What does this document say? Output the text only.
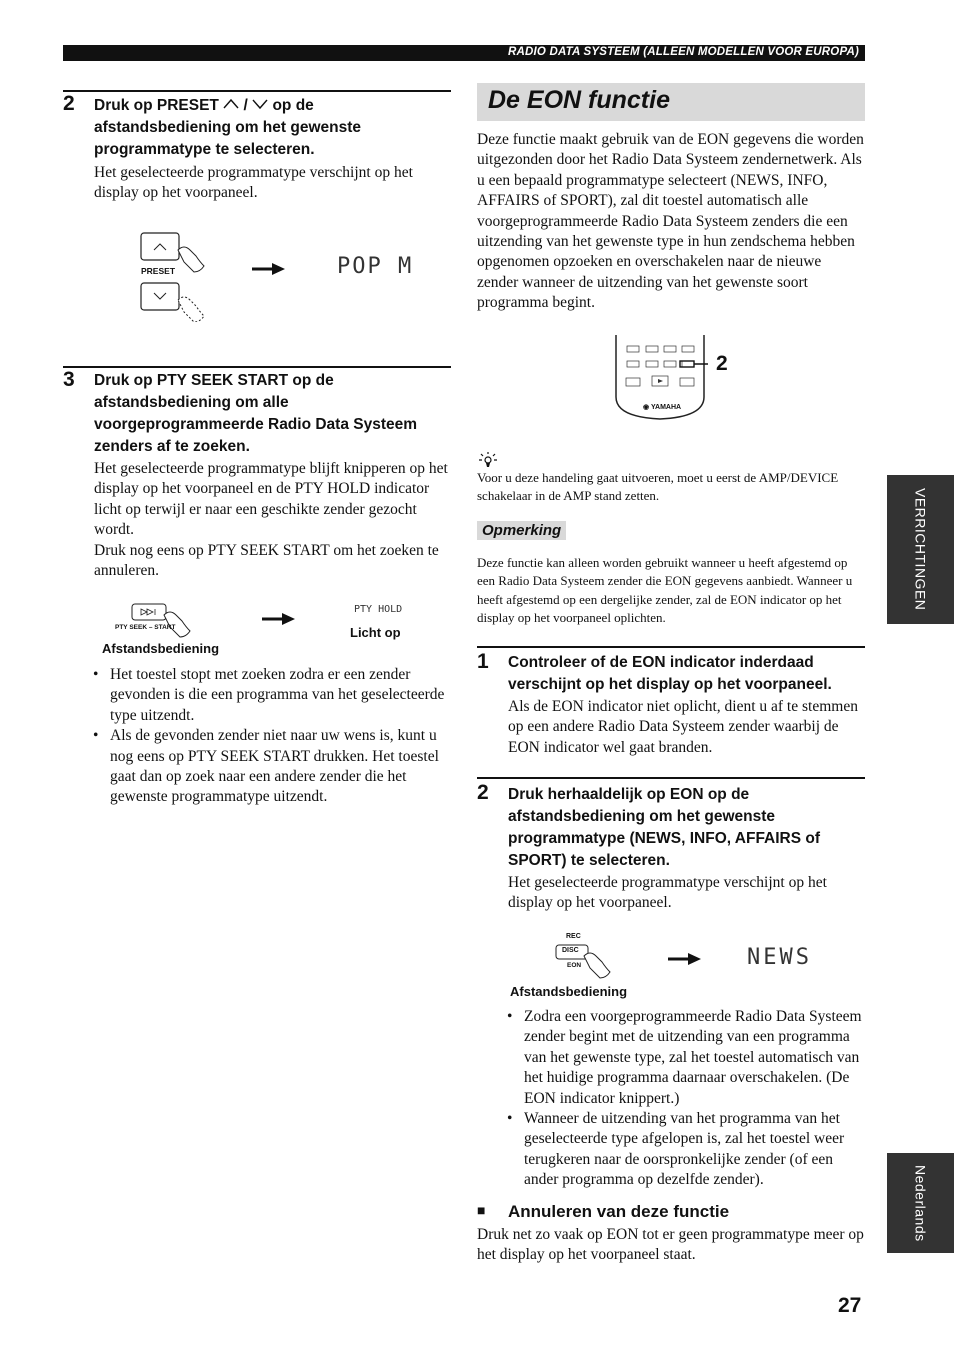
RADIO DATA SYSTEEM (ALLEEN MODELLEN VOOR EUROPA)
2 Druk op PRESET / op de
afstandsbediening om het gewenste
programmatype te selecteren.
Het geselecteerde programmatype verschijnt op het display op het voorpaneel.
PRESET	POP M
3 Druk op PTY SEEK START op de afstandsbediening om alle voorgeprogrammeerde Radio Data Systeem zenders af te zoeken.
Het geselecteerde programmatype blijft knipperen op het display op het voorpaneel en de PTY HOLD indicator licht op terwijl er naar een geschikte zender gezocht wordt.
Druk nog eens op PTY SEEK START om het zoeken te annuleren.
PTY SEEK – START
Afstandsbediening
PTY HOLD
Licht op
• Het toestel stopt met zoeken zodra er een zender gevonden is die een programma van het geselecteerde type uitzendt.
• Als de gevonden zender niet naar uw wens is, kunt u nog eens op PTY SEEK START drukken. Het toestel gaat dan op zoek naar een andere zender die het gewenste programmatype uitzendt.
De EON functie
Deze functie maakt gebruik van de EON gegevens die worden uitgezonden door het Radio Data Systeem zendernetwerk. Als u een bepaald programmatype selecteert (NEWS, INFO, AFFAIRS of SPORT), zal dit toestel automatisch alle voorgeprogrammeerde Radio Data Systeem zenders die een uitzending van het gewenste type in hun zendschema hebben opgenomen opzoeken en overschakelen naar de nieuwe zender wanneer de uitzending van het gewenste soort programma begint.
◉ YAMAHA
2
Voor u deze handeling gaat uitvoeren, moet u eerst de AMP/DEVICE schakelaar in de AMP stand zetten.
Opmerking
Deze functie kan alleen worden gebruikt wanneer u heeft afgestemd op een Radio Data Systeem zender die EON gegevens aanbiedt. Wanneer u heeft afgestemd op een dergelijke zender, zal de EON indicator op het display op het voorpaneel oplichten.
1 Controleer of de EON indicator inderdaad verschijnt op het display op het voorpaneel.
Als de EON indicator niet oplicht, dient u af te stemmen op een andere Radio Data Systeem zender waarbij de EON indicator wel gaat branden.
2 Druk herhaaldelijk op EON op de afstandsbediening om het gewenste programmatype (NEWS, INFO, AFFAIRS of SPORT) te selecteren.
Het geselecteerde programmatype verschijnt op het display op het voorpaneel.
REC
DISC
EON
Afstandsbediening
NEWS
• Zodra een voorgeprogrammeerde Radio Data Systeem zender begint met de uitzending van een programma van het gewenste type, zal het toestel automatisch van het huidige programma daarnaar overschakelen. (De EON indicator knippert.)
• Wanneer de uitzending van het programma van het geselecteerde type afgelopen is, zal het toestel weer terugkeren naar de oorspronkelijke zender (of een ander programma op dezelfde zender).
■ Annuleren van deze functie
Druk net zo vaak op EON tot er geen programmatype meer op het display op het voorpaneel staat.
VERRICHTINGEN
Nederlands
27
